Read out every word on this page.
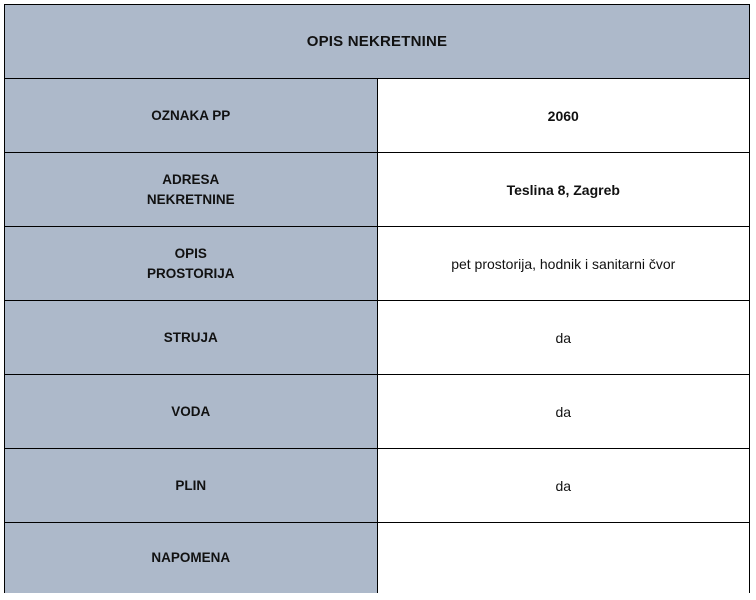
OPIS NEKRETNINE	
OZNAKA PP	2060
ADRESA
NEKRETNINE	Teslina 8, Zagreb
OPIS
PROSTORIJA	pet prostorija, hodnik i sanitarni čvor
STRUJA	da
VODA	da
PLIN	da
NAPOMENA	
